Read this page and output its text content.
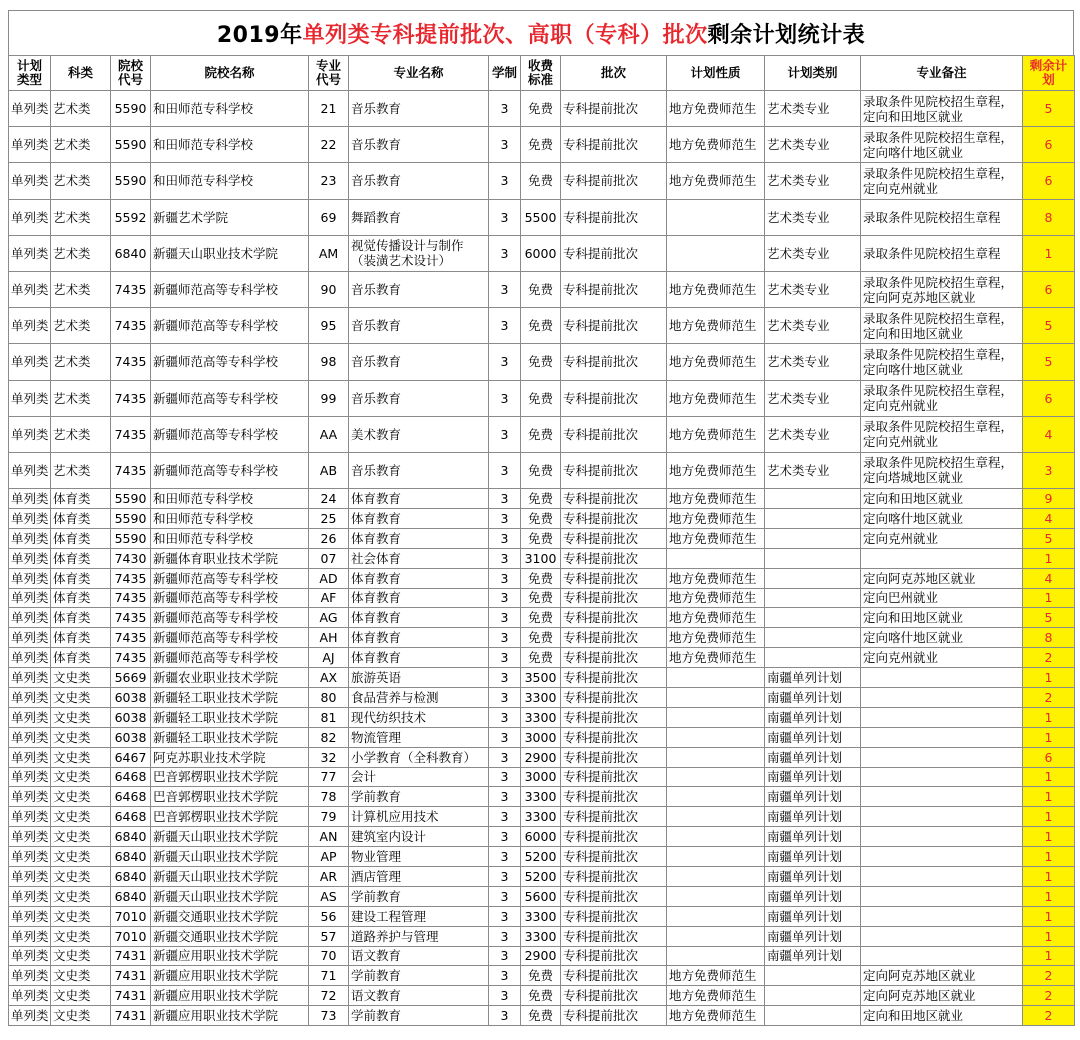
2019年 单列类专科提前批次、高职（专科）批次 剩余计划统计表
计划类型	科类	院校代号	院校名称	专业代号	专业名称	学制	收费标准	批次	计划性质	计划类别	专业备注	剩余计划
单列类	艺术类	5590	和田师范专科学校	21	音乐教育	3	免费	专科提前批次	地方免费师范生	艺术类专业	录取条件见院校招生章程，定向和田地区就业	5
单列类	艺术类	5590	和田师范专科学校	22	音乐教育	3	免费	专科提前批次	地方免费师范生	艺术类专业	录取条件见院校招生章程，定向喀什地区就业	6
单列类	艺术类	5590	和田师范专科学校	23	音乐教育	3	免费	专科提前批次	地方免费师范生	艺术类专业	录取条件见院校招生章程，定向克州就业	6
单列类	艺术类	5592	新疆艺术学院	69	舞蹈教育	3	5500	专科提前批次		艺术类专业	录取条件见院校招生章程	8
单列类	艺术类	6840	新疆天山职业技术学院	AM	视觉传播设计与制作（装潢艺术设计）	3	6000	专科提前批次		艺术类专业	录取条件见院校招生章程	1
单列类	艺术类	7435	新疆师范高等专科学校	90	音乐教育	3	免费	专科提前批次	地方免费师范生	艺术类专业	录取条件见院校招生章程，定向阿克苏地区就业	6
单列类	艺术类	7435	新疆师范高等专科学校	95	音乐教育	3	免费	专科提前批次	地方免费师范生	艺术类专业	录取条件见院校招生章程，定向和田地区就业	5
单列类	艺术类	7435	新疆师范高等专科学校	98	音乐教育	3	免费	专科提前批次	地方免费师范生	艺术类专业	录取条件见院校招生章程，定向喀什地区就业	5
单列类	艺术类	7435	新疆师范高等专科学校	99	音乐教育	3	免费	专科提前批次	地方免费师范生	艺术类专业	录取条件见院校招生章程，定向克州就业	6
单列类	艺术类	7435	新疆师范高等专科学校	AA	美术教育	3	免费	专科提前批次	地方免费师范生	艺术类专业	录取条件见院校招生章程，定向克州就业	4
单列类	艺术类	7435	新疆师范高等专科学校	AB	音乐教育	3	免费	专科提前批次	地方免费师范生	艺术类专业	录取条件见院校招生章程，定向塔城地区就业	3
单列类	体育类	5590	和田师范专科学校	24	体育教育	3	免费	专科提前批次	地方免费师范生		定向和田地区就业	9
单列类	体育类	5590	和田师范专科学校	25	体育教育	3	免费	专科提前批次	地方免费师范生		定向喀什地区就业	4
单列类	体育类	5590	和田师范专科学校	26	体育教育	3	免费	专科提前批次	地方免费师范生		定向克州就业	5
单列类	体育类	7430	新疆体育职业技术学院	07	社会体育	3	3100	专科提前批次				1
单列类	体育类	7435	新疆师范高等专科学校	AD	体育教育	3	免费	专科提前批次	地方免费师范生		定向阿克苏地区就业	4
单列类	体育类	7435	新疆师范高等专科学校	AF	体育教育	3	免费	专科提前批次	地方免费师范生		定向巴州就业	1
单列类	体育类	7435	新疆师范高等专科学校	AG	体育教育	3	免费	专科提前批次	地方免费师范生		定向和田地区就业	5
单列类	体育类	7435	新疆师范高等专科学校	AH	体育教育	3	免费	专科提前批次	地方免费师范生		定向喀什地区就业	8
单列类	体育类	7435	新疆师范高等专科学校	AJ	体育教育	3	免费	专科提前批次	地方免费师范生		定向克州就业	2
单列类	文史类	5669	新疆农业职业技术学院	AX	旅游英语	3	3500	专科提前批次		南疆单列计划		1
单列类	文史类	6038	新疆轻工职业技术学院	80	食品营养与检测	3	3300	专科提前批次		南疆单列计划		2
单列类	文史类	6038	新疆轻工职业技术学院	81	现代纺织技术	3	3300	专科提前批次		南疆单列计划		1
单列类	文史类	6038	新疆轻工职业技术学院	82	物流管理	3	3000	专科提前批次		南疆单列计划		1
单列类	文史类	6467	阿克苏职业技术学院	32	小学教育（全科教育）	3	2900	专科提前批次		南疆单列计划		6
单列类	文史类	6468	巴音郭楞职业技术学院	77	会计	3	3000	专科提前批次		南疆单列计划		1
单列类	文史类	6468	巴音郭楞职业技术学院	78	学前教育	3	3300	专科提前批次		南疆单列计划		1
单列类	文史类	6468	巴音郭楞职业技术学院	79	计算机应用技术	3	3300	专科提前批次		南疆单列计划		1
单列类	文史类	6840	新疆天山职业技术学院	AN	建筑室内设计	3	6000	专科提前批次		南疆单列计划		1
单列类	文史类	6840	新疆天山职业技术学院	AP	物业管理	3	5200	专科提前批次		南疆单列计划		1
单列类	文史类	6840	新疆天山职业技术学院	AR	酒店管理	3	5200	专科提前批次		南疆单列计划		1
单列类	文史类	6840	新疆天山职业技术学院	AS	学前教育	3	5600	专科提前批次		南疆单列计划		1
单列类	文史类	7010	新疆交通职业技术学院	56	建设工程管理	3	3300	专科提前批次		南疆单列计划		1
单列类	文史类	7010	新疆交通职业技术学院	57	道路养护与管理	3	3300	专科提前批次		南疆单列计划		1
单列类	文史类	7431	新疆应用职业技术学院	70	语文教育	3	2900	专科提前批次		南疆单列计划		1
单列类	文史类	7431	新疆应用职业技术学院	71	学前教育	3	免费	专科提前批次	地方免费师范生		定向阿克苏地区就业	2
单列类	文史类	7431	新疆应用职业技术学院	72	语文教育	3	免费	专科提前批次	地方免费师范生		定向阿克苏地区就业	2
单列类	文史类	7431	新疆应用职业技术学院	73	学前教育	3	免费	专科提前批次	地方免费师范生		定向和田地区就业	2
